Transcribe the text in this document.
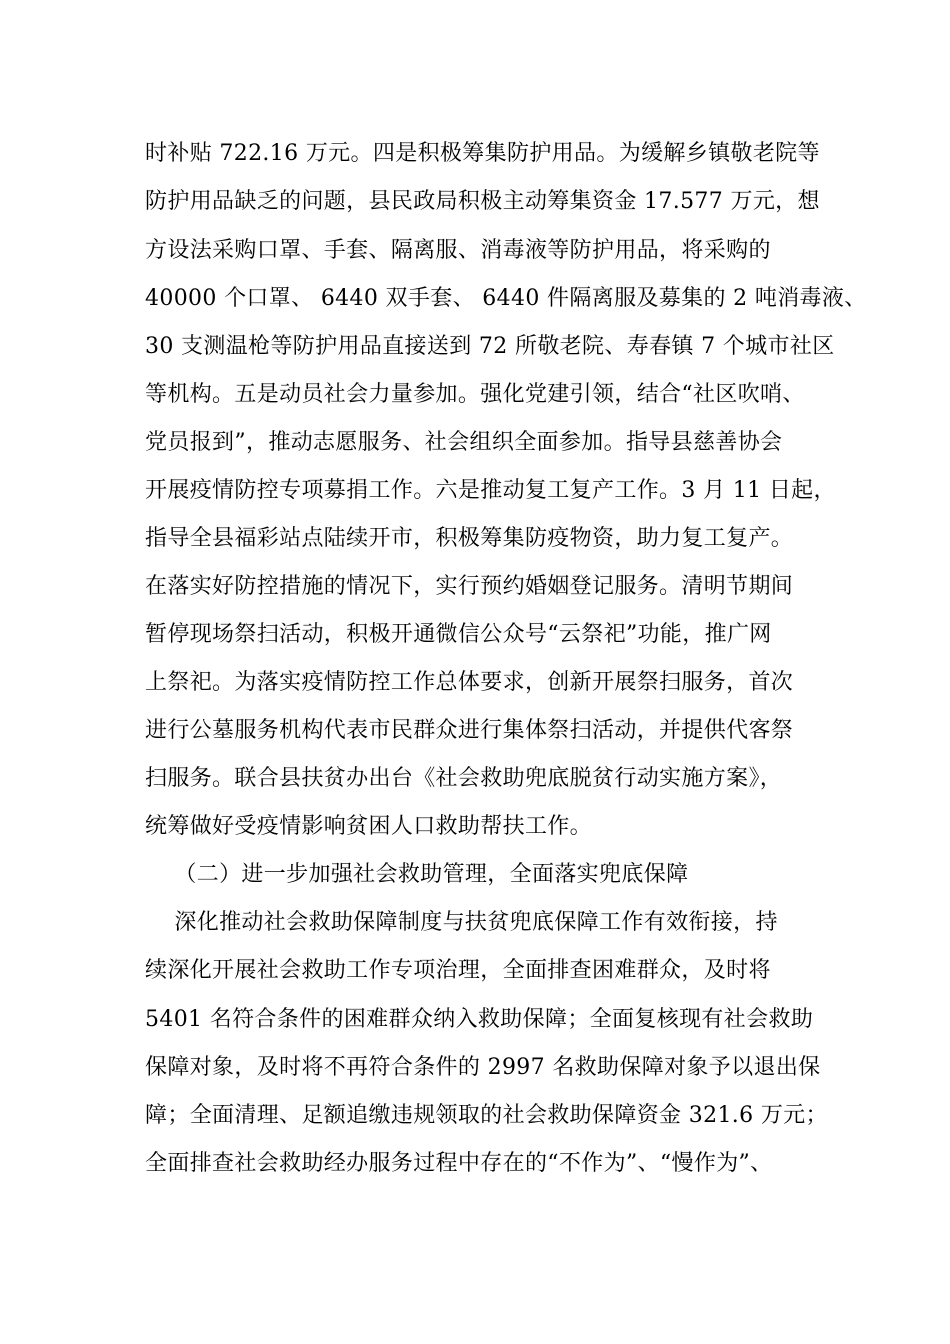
时补贴 722.16 万元。四是积极筹集防护用品。为缓解乡镇敬老院等
防护用品缺乏的问题，县民政局积极主动筹集资金 17.577 万元，想
方设法采购口罩、手套、隔离服、消毒液等防护用品，将采购的
40000 个口罩、 6440 双手套、 6440 件隔离服及募集的 2 吨消毒液、
30 支测温枪等防护用品直接送到 72 所敬老院、寿春镇 7 个城市社区
等机构。五是动员社会力量参加。强化党建引领，结合“社区吹哨、
党员报到”，推动志愿服务、社会组织全面参加。指导县慈善协会
开展疫情防控专项募捐工作。六是推动复工复产工作。3 月 11 日起，
指导全县福彩站点陆续开市，积极筹集防疫物资，助力复工复产。
在落实好防控措施的情况下，实行预约婚姻登记服务。清明节期间
暂停现场祭扫活动，积极开通微信公众号“云祭祀”功能，推广网
上祭祀。为落实疫情防控工作总体要求，创新开展祭扫服务，首次
进行公墓服务机构代表市民群众进行集体祭扫活动，并提供代客祭
扫服务。联合县扶贫办出台《社会救助兜底脱贫行动实施方案》，
统筹做好受疫情影响贫困人口救助帮扶工作。
（二）进一步加强社会救助管理，全面落实兜底保障
深化推动社会救助保障制度与扶贫兜底保障工作有效衔接，持
续深化开展社会救助工作专项治理，全面排查困难群众，及时将
5401 名符合条件的困难群众纳入救助保障；全面复核现有社会救助
保障对象，及时将不再符合条件的 2997 名救助保障对象予以退出保
障；全面清理、足额追缴违规领取的社会救助保障资金 321.6 万元；
全面排查社会救助经办服务过程中存在的“不作为”、“慢作为”、
